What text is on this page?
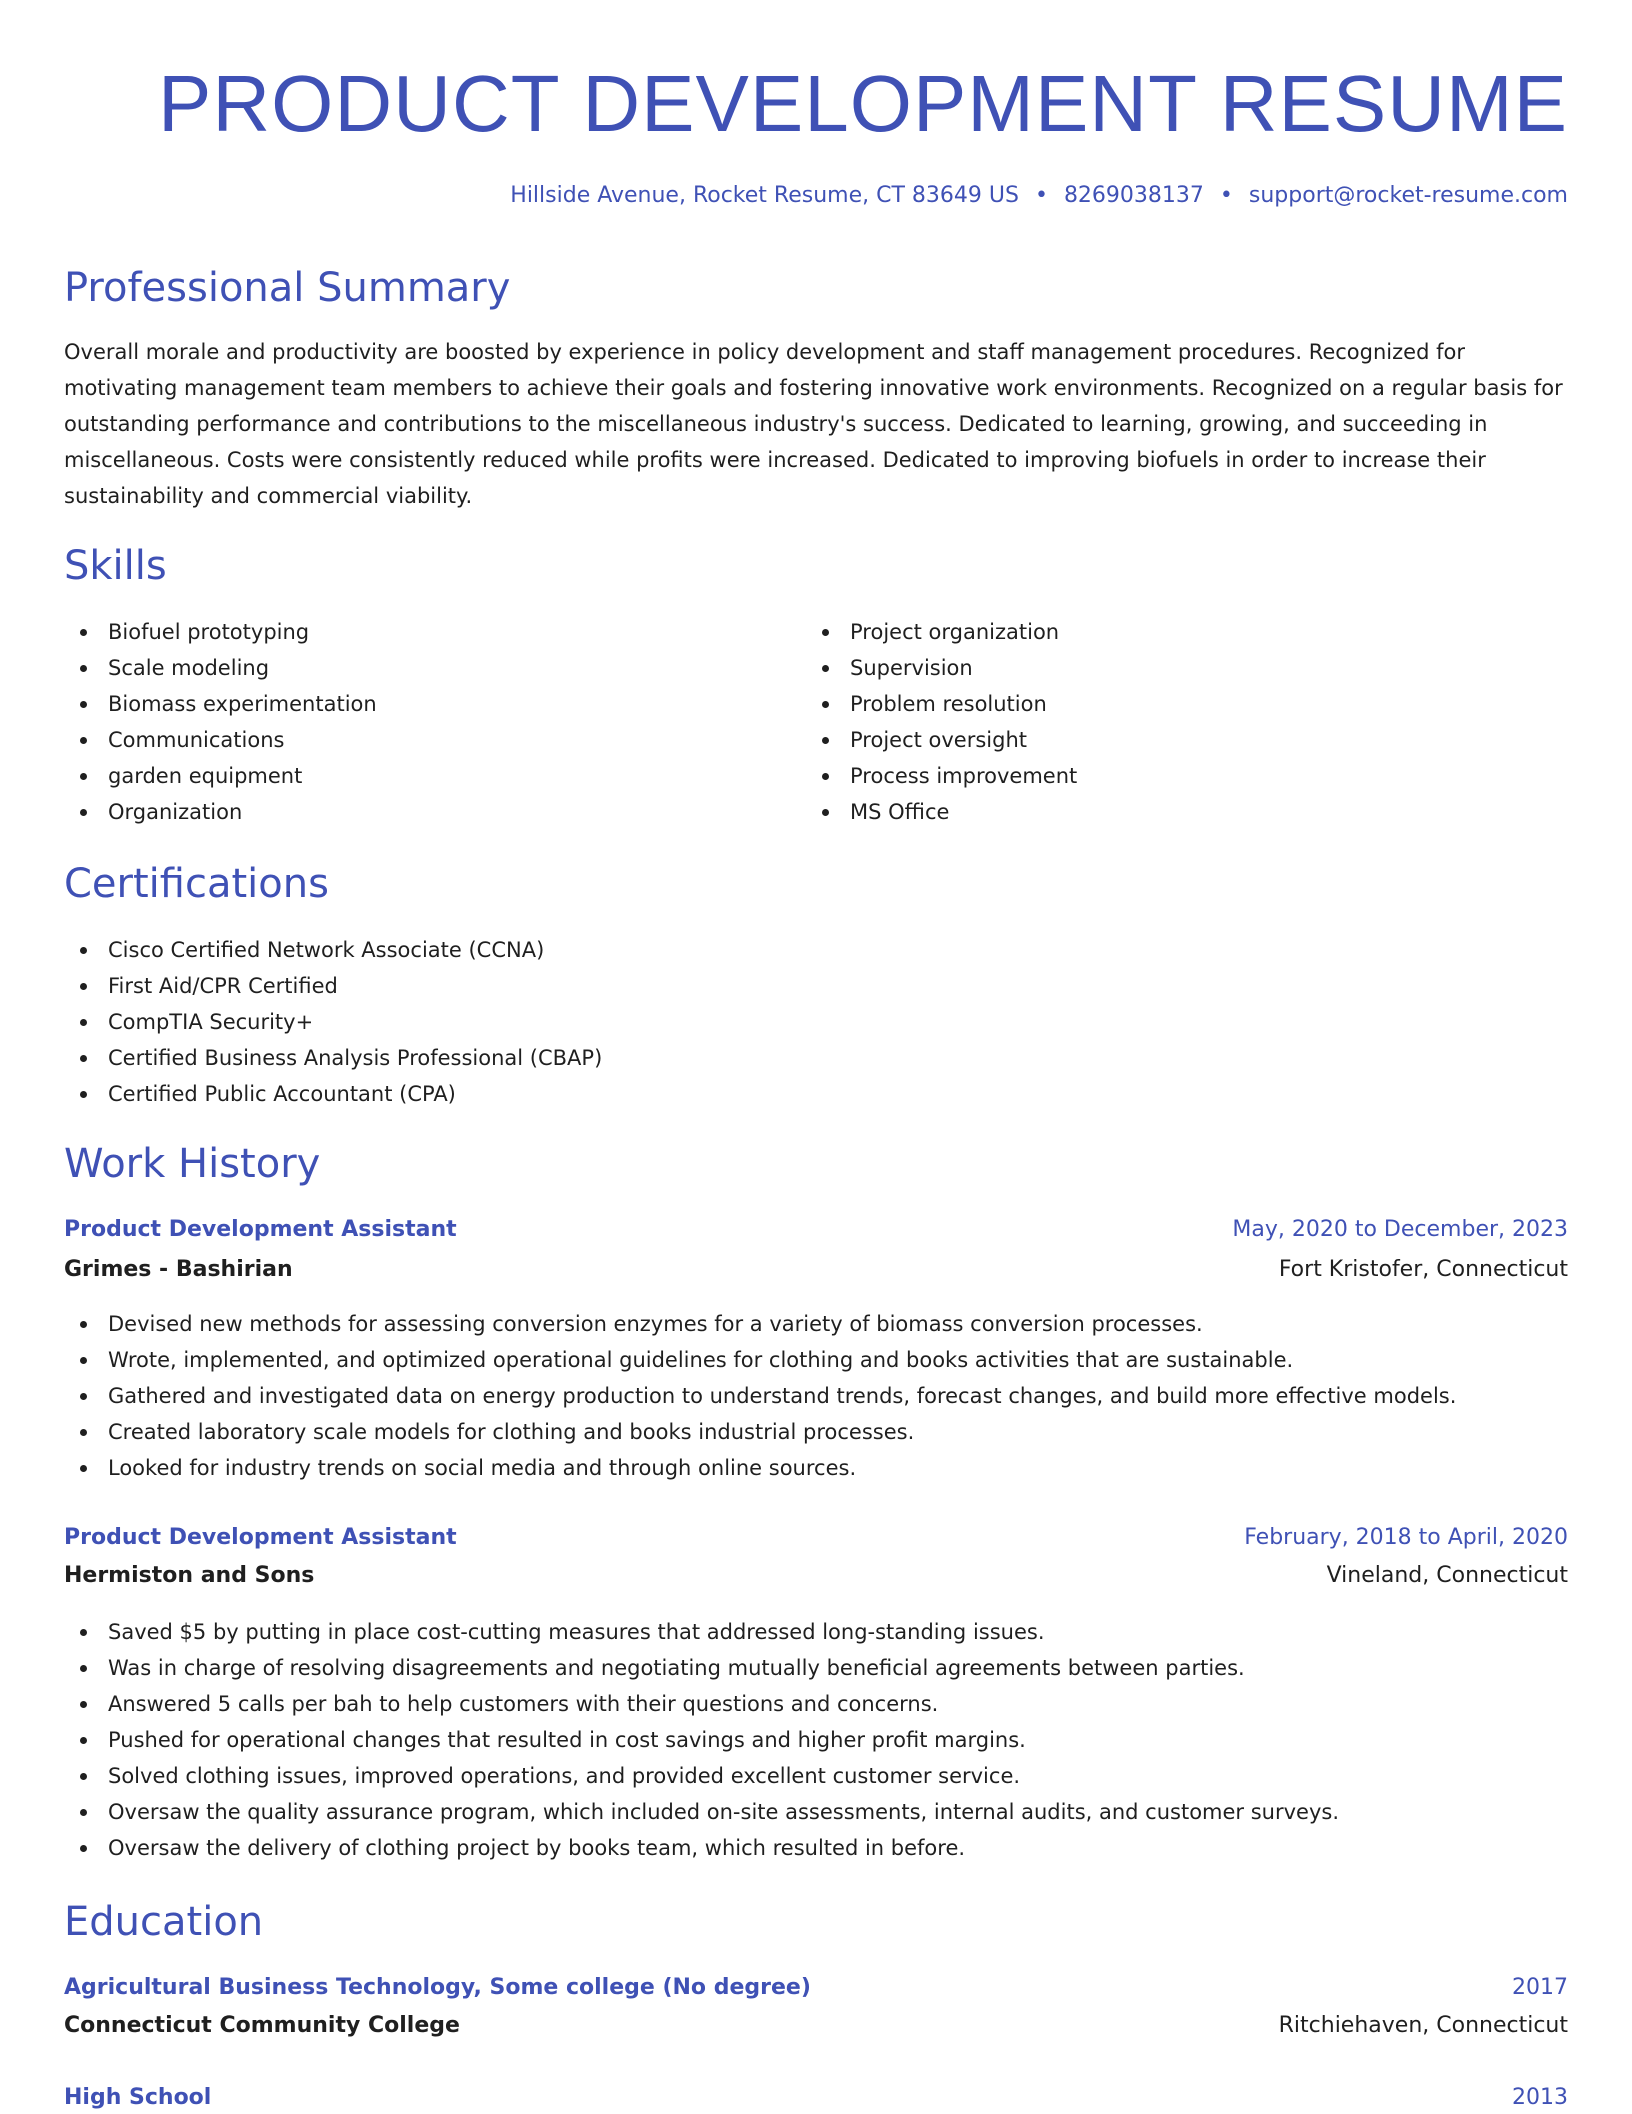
PRODUCT DEVELOPMENT RESUME
Hillside Avenue, Rocket Resume, CT 83649 US • 8269038137 • support@rocket-resume.com
Professional Summary

Overall morale and productivity are boosted by experience in policy development and staff management procedures. Recognized for motivating management team members to achieve their goals and fostering innovative work environments. Recognized on a regular basis for outstanding performance and contributions to the miscellaneous industry's success. Dedicated to learning, growing, and succeeding in miscellaneous. Costs were consistently reduced while profits were increased. Dedicated to improving biofuels in order to increase their sustainability and commercial viability.

Skills
Biofuel prototyping
Scale modeling
Biomass experimentation
Communications
garden equipment
Organization
Project organization
Supervision
Problem resolution
Project oversight
Process improvement
MS Office
Certifications
Cisco Certified Network Associate (CCNA)
First Aid/CPR Certified
CompTIA Security+
Certified Business Analysis Professional (CBAP)
Certified Public Accountant (CPA)
Work History
Product Development Assistant	May, 2020 to December, 2023
Grimes - Bashirian	Fort Kristofer, Connecticut
Devised new methods for assessing conversion enzymes for a variety of biomass conversion processes.
Wrote, implemented, and optimized operational guidelines for clothing and books activities that are sustainable.
Gathered and investigated data on energy production to understand trends, forecast changes, and build more effective models.
Created laboratory scale models for clothing and books industrial processes.
Looked for industry trends on social media and through online sources.
Product Development Assistant	February, 2018 to April, 2020
Hermiston and Sons	Vineland, Connecticut
Saved $5 by putting in place cost-cutting measures that addressed long-standing issues.
Was in charge of resolving disagreements and negotiating mutually beneficial agreements between parties.
Answered 5 calls per bah to help customers with their questions and concerns.
Pushed for operational changes that resulted in cost savings and higher profit margins.
Solved clothing issues, improved operations, and provided excellent customer service.
Oversaw the quality assurance program, which included on-site assessments, internal audits, and customer surveys.
Oversaw the delivery of clothing project by books team, which resulted in before.
Education
Agricultural Business Technology, Some college (No degree)	2017
Connecticut Community College	Ritchiehaven, Connecticut
High School	2013
